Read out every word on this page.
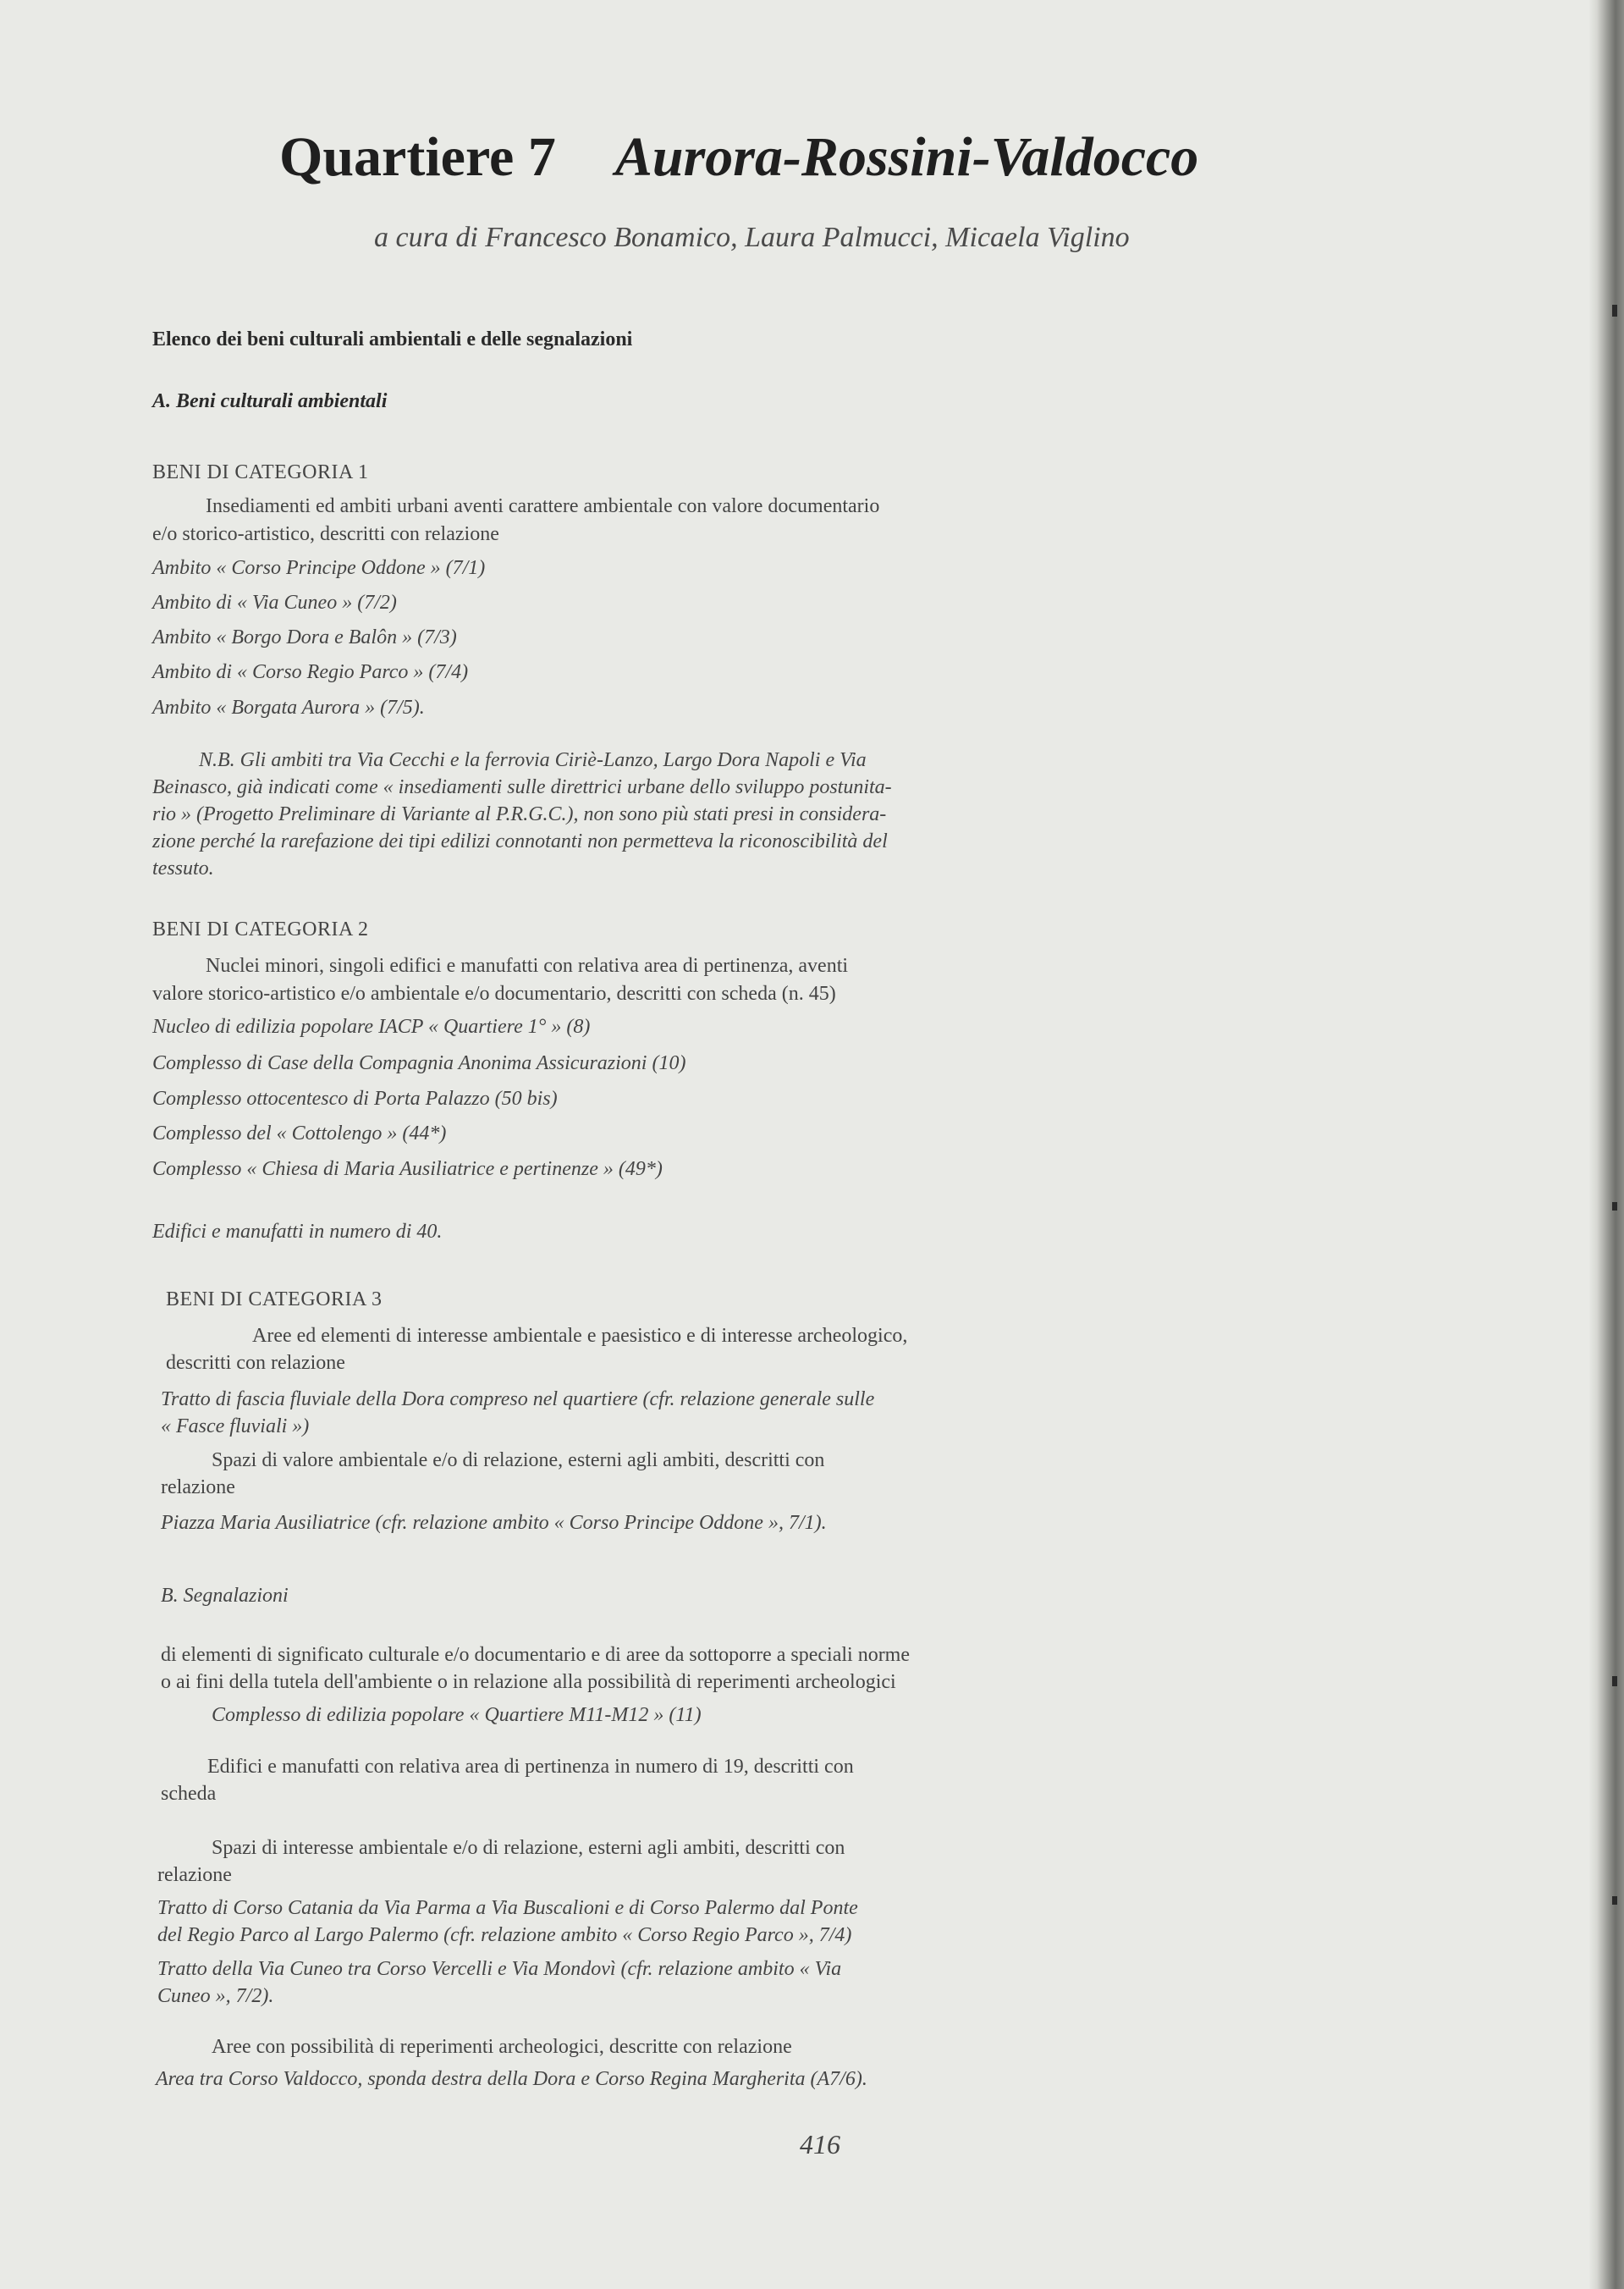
Quartiere 7 Aurora-Rossini-Valdocco
a cura di Francesco Bonamico, Laura Palmucci, Micaela Viglino
Elenco dei beni culturali ambientali e delle segnalazioni
A. Beni culturali ambientali
BENI DI CATEGORIA 1
Insediamenti ed ambiti urbani aventi carattere ambientale con valore documentario
e/o storico-artistico, descritti con relazione
Ambito « Corso Principe Oddone » (7/1)
Ambito di « Via Cuneo » (7/2)
Ambito « Borgo Dora e Balôn » (7/3)
Ambito di « Corso Regio Parco » (7/4)
Ambito « Borgata Aurora » (7/5).
N.B. Gli ambiti tra Via Cecchi e la ferrovia Ciriè-Lanzo, Largo Dora Napoli e Via
Beinasco, già indicati come « insediamenti sulle direttrici urbane dello sviluppo postunita-
rio » (Progetto Preliminare di Variante al P.R.G.C.), non sono più stati presi in considera-
zione perché la rarefazione dei tipi edilizi connotanti non permetteva la riconoscibilità del
tessuto.
BENI DI CATEGORIA 2
Nuclei minori, singoli edifici e manufatti con relativa area di pertinenza, aventi
valore storico-artistico e/o ambientale e/o documentario, descritti con scheda (n. 45)
Nucleo di edilizia popolare IACP « Quartiere 1° » (8)
Complesso di Case della Compagnia Anonima Assicurazioni (10)
Complesso ottocentesco di Porta Palazzo (50 bis)
Complesso del « Cottolengo » (44*)
Complesso « Chiesa di Maria Ausiliatrice e pertinenze » (49*)
Edifici e manufatti in numero di 40.
BENI DI CATEGORIA 3
Aree ed elementi di interesse ambientale e paesistico e di interesse archeologico,
descritti con relazione
Tratto di fascia fluviale della Dora compreso nel quartiere (cfr. relazione generale sulle
« Fasce fluviali »)
Spazi di valore ambientale e/o di relazione, esterni agli ambiti, descritti con
relazione
Piazza Maria Ausiliatrice (cfr. relazione ambito « Corso Principe Oddone », 7/1).
B. Segnalazioni
di elementi di significato culturale e/o documentario e di aree da sottoporre a speciali norme
o ai fini della tutela dell'ambiente o in relazione alla possibilità di reperimenti archeologici
Complesso di edilizia popolare « Quartiere M11-M12 » (11)
Edifici e manufatti con relativa area di pertinenza in numero di 19, descritti con
scheda
Spazi di interesse ambientale e/o di relazione, esterni agli ambiti, descritti con
relazione
Tratto di Corso Catania da Via Parma a Via Buscalioni e di Corso Palermo dal Ponte
del Regio Parco al Largo Palermo (cfr. relazione ambito « Corso Regio Parco », 7/4)
Tratto della Via Cuneo tra Corso Vercelli e Via Mondovì (cfr. relazione ambito « Via
Cuneo », 7/2).
Aree con possibilità di reperimenti archeologici, descritte con relazione
Area tra Corso Valdocco, sponda destra della Dora e Corso Regina Margherita (A7/6).
416
